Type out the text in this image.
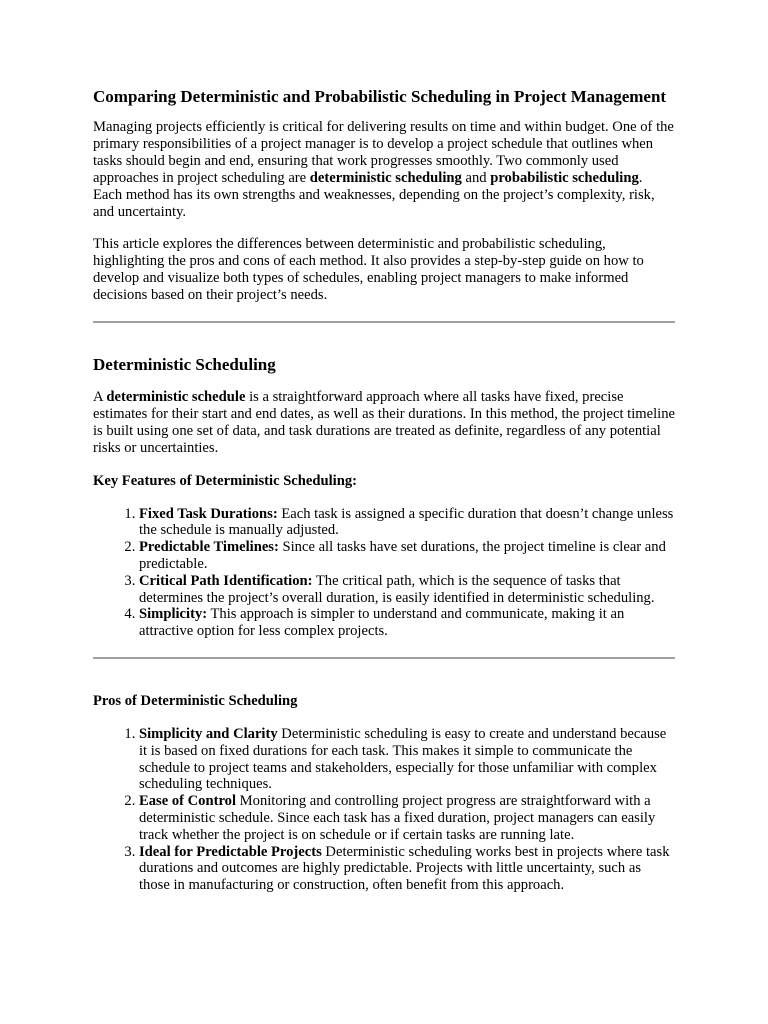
Comparing Deterministic and Probabilistic Scheduling in Project Management

Managing projects efficiently is critical for delivering results on time and within budget. One of the primary responsibilities of a project manager is to develop a project schedule that outlines when tasks should begin and end, ensuring that work progresses smoothly. Two commonly used approaches in project scheduling are deterministic scheduling and probabilistic scheduling. Each method has its own strengths and weaknesses, depending on the project’s complexity, risk, and uncertainty.

This article explores the differences between deterministic and probabilistic scheduling, highlighting the pros and cons of each method. It also provides a step-by-step guide on how to develop and visualize both types of schedules, enabling project managers to make informed decisions based on their project’s needs.

Deterministic Scheduling

A deterministic schedule is a straightforward approach where all tasks have fixed, precise estimates for their start and end dates, as well as their durations. In this method, the project timeline is built using one set of data, and task durations are treated as definite, regardless of any potential risks or uncertainties.

Key Features of Deterministic Scheduling:
1. Fixed Task Durations: Each task is assigned a specific duration that doesn’t change unless the schedule is manually adjusted.
2. Predictable Timelines: Since all tasks have set durations, the project timeline is clear and predictable.
3. Critical Path Identification: The critical path, which is the sequence of tasks that determines the project’s overall duration, is easily identified in deterministic scheduling.
4. Simplicity: This approach is simpler to understand and communicate, making it an attractive option for less complex projects.
Pros of Deterministic Scheduling
1. Simplicity and Clarity Deterministic scheduling is easy to create and understand because it is based on fixed durations for each task. This makes it simple to communicate the schedule to project teams and stakeholders, especially for those unfamiliar with complex scheduling techniques.
2. Ease of Control Monitoring and controlling project progress are straightforward with a deterministic schedule. Since each task has a fixed duration, project managers can easily track whether the project is on schedule or if certain tasks are running late.
3. Ideal for Predictable Projects Deterministic scheduling works best in projects where task durations and outcomes are highly predictable. Projects with little uncertainty, such as those in manufacturing or construction, often benefit from this approach.
